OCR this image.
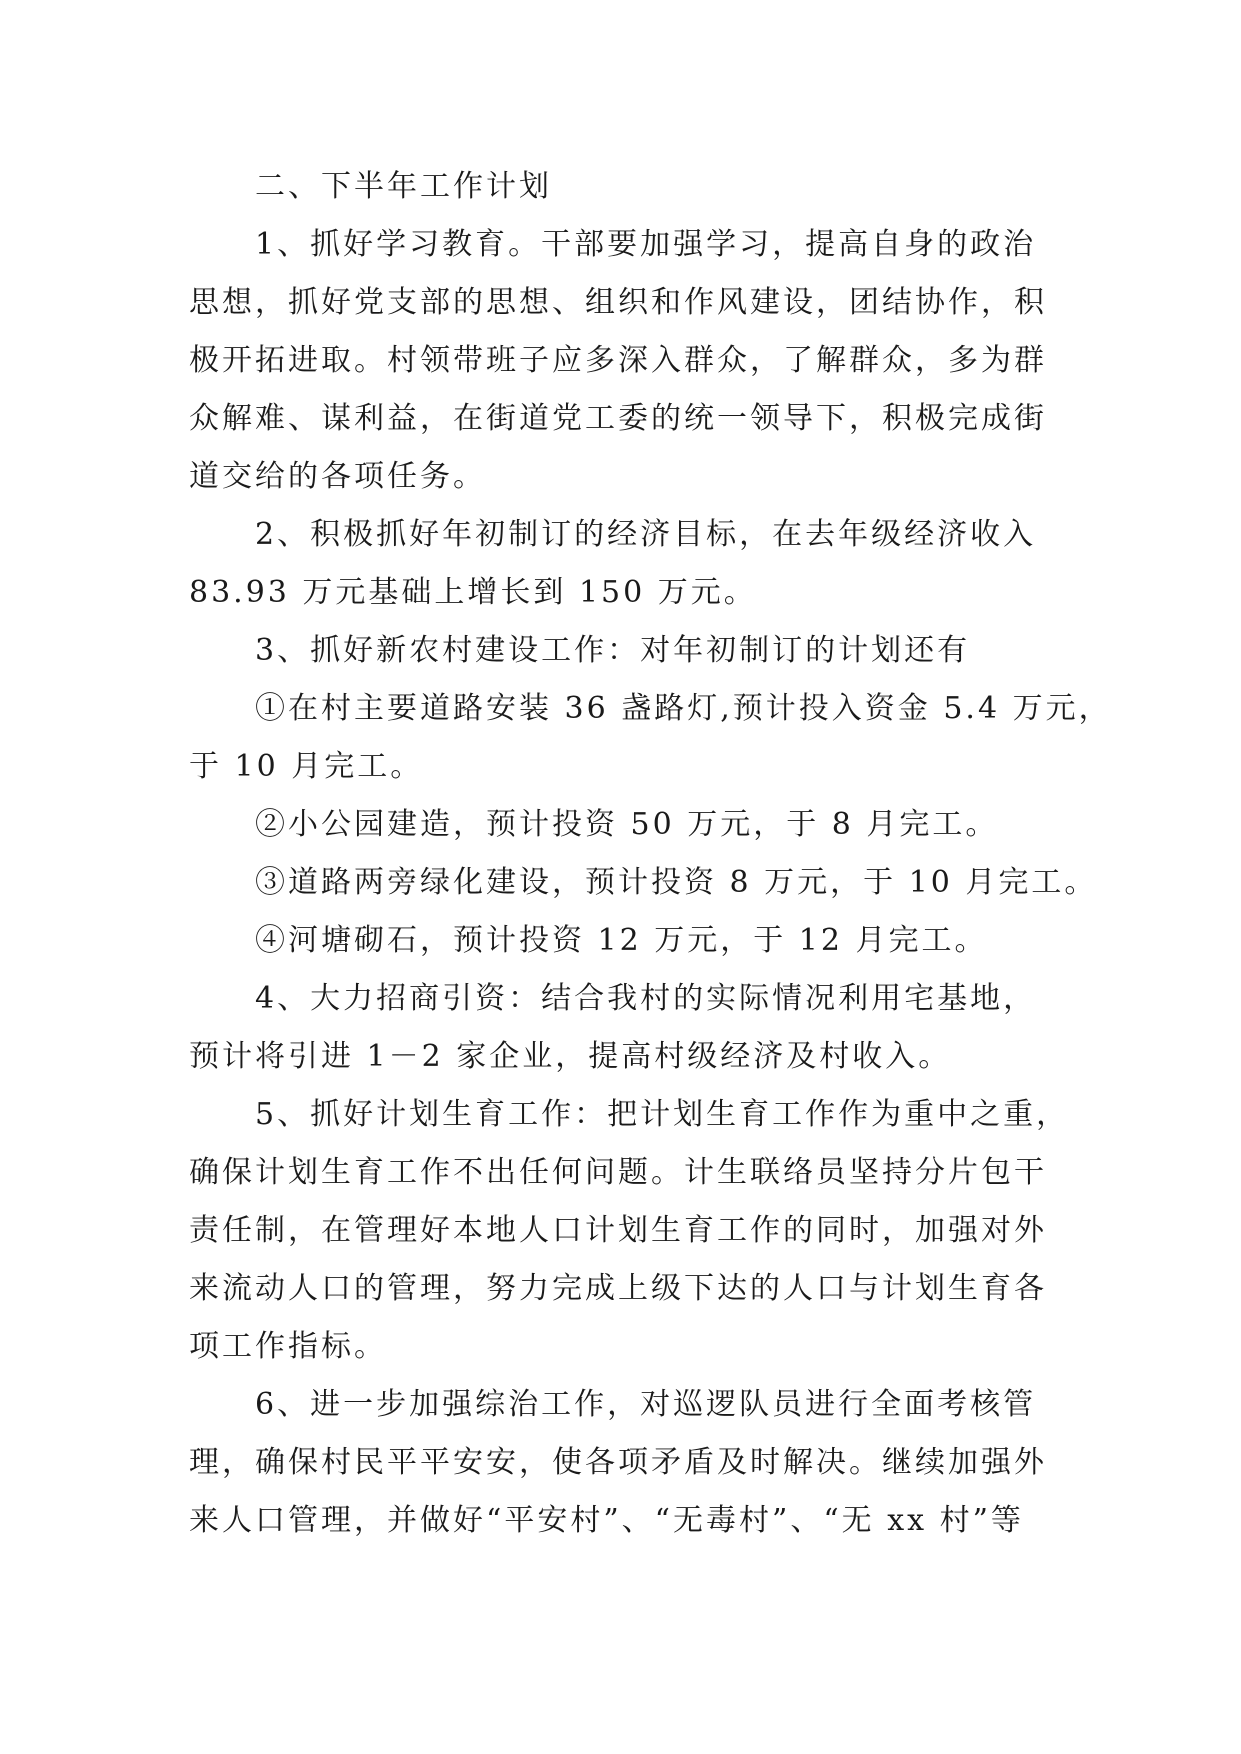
二、下半年工作计划
1、抓好学习教育。干部要加强学习，提高自身的政治
思想，抓好党支部的思想、组织和作风建设，团结协作，积
极开拓进取。村领带班子应多深入群众，了解群众，多为群
众解难、谋利益，在街道党工委的统一领导下，积极完成街
道交给的各项任务。
2、积极抓好年初制订的经济目标，在去年级经济收入
83.93 万元基础上增长到 150 万元。
3、抓好新农村建设工作：对年初制订的计划还有
①在村主要道路安装 36 盏路灯,预计投入资金 5.4 万元，
于 10 月完工。
②小公园建造，预计投资 50 万元，于 8 月完工。
③道路两旁绿化建设，预计投资 8 万元，于 10 月完工。
④河塘砌石，预计投资 12 万元，于 12 月完工。
4、大力招商引资：结合我村的实际情况利用宅基地，
预计将引进 1－2 家企业，提高村级经济及村收入。
5、抓好计划生育工作：把计划生育工作作为重中之重，
确保计划生育工作不出任何问题。计生联络员坚持分片包干
责任制，在管理好本地人口计划生育工作的同时，加强对外
来流动人口的管理，努力完成上级下达的人口与计划生育各
项工作指标。
6、进一步加强综治工作，对巡逻队员进行全面考核管
理，确保村民平平安安，使各项矛盾及时解决。继续加强外
来人口管理，并做好“平安村”、“无毒村”、“无 xx 村”等
